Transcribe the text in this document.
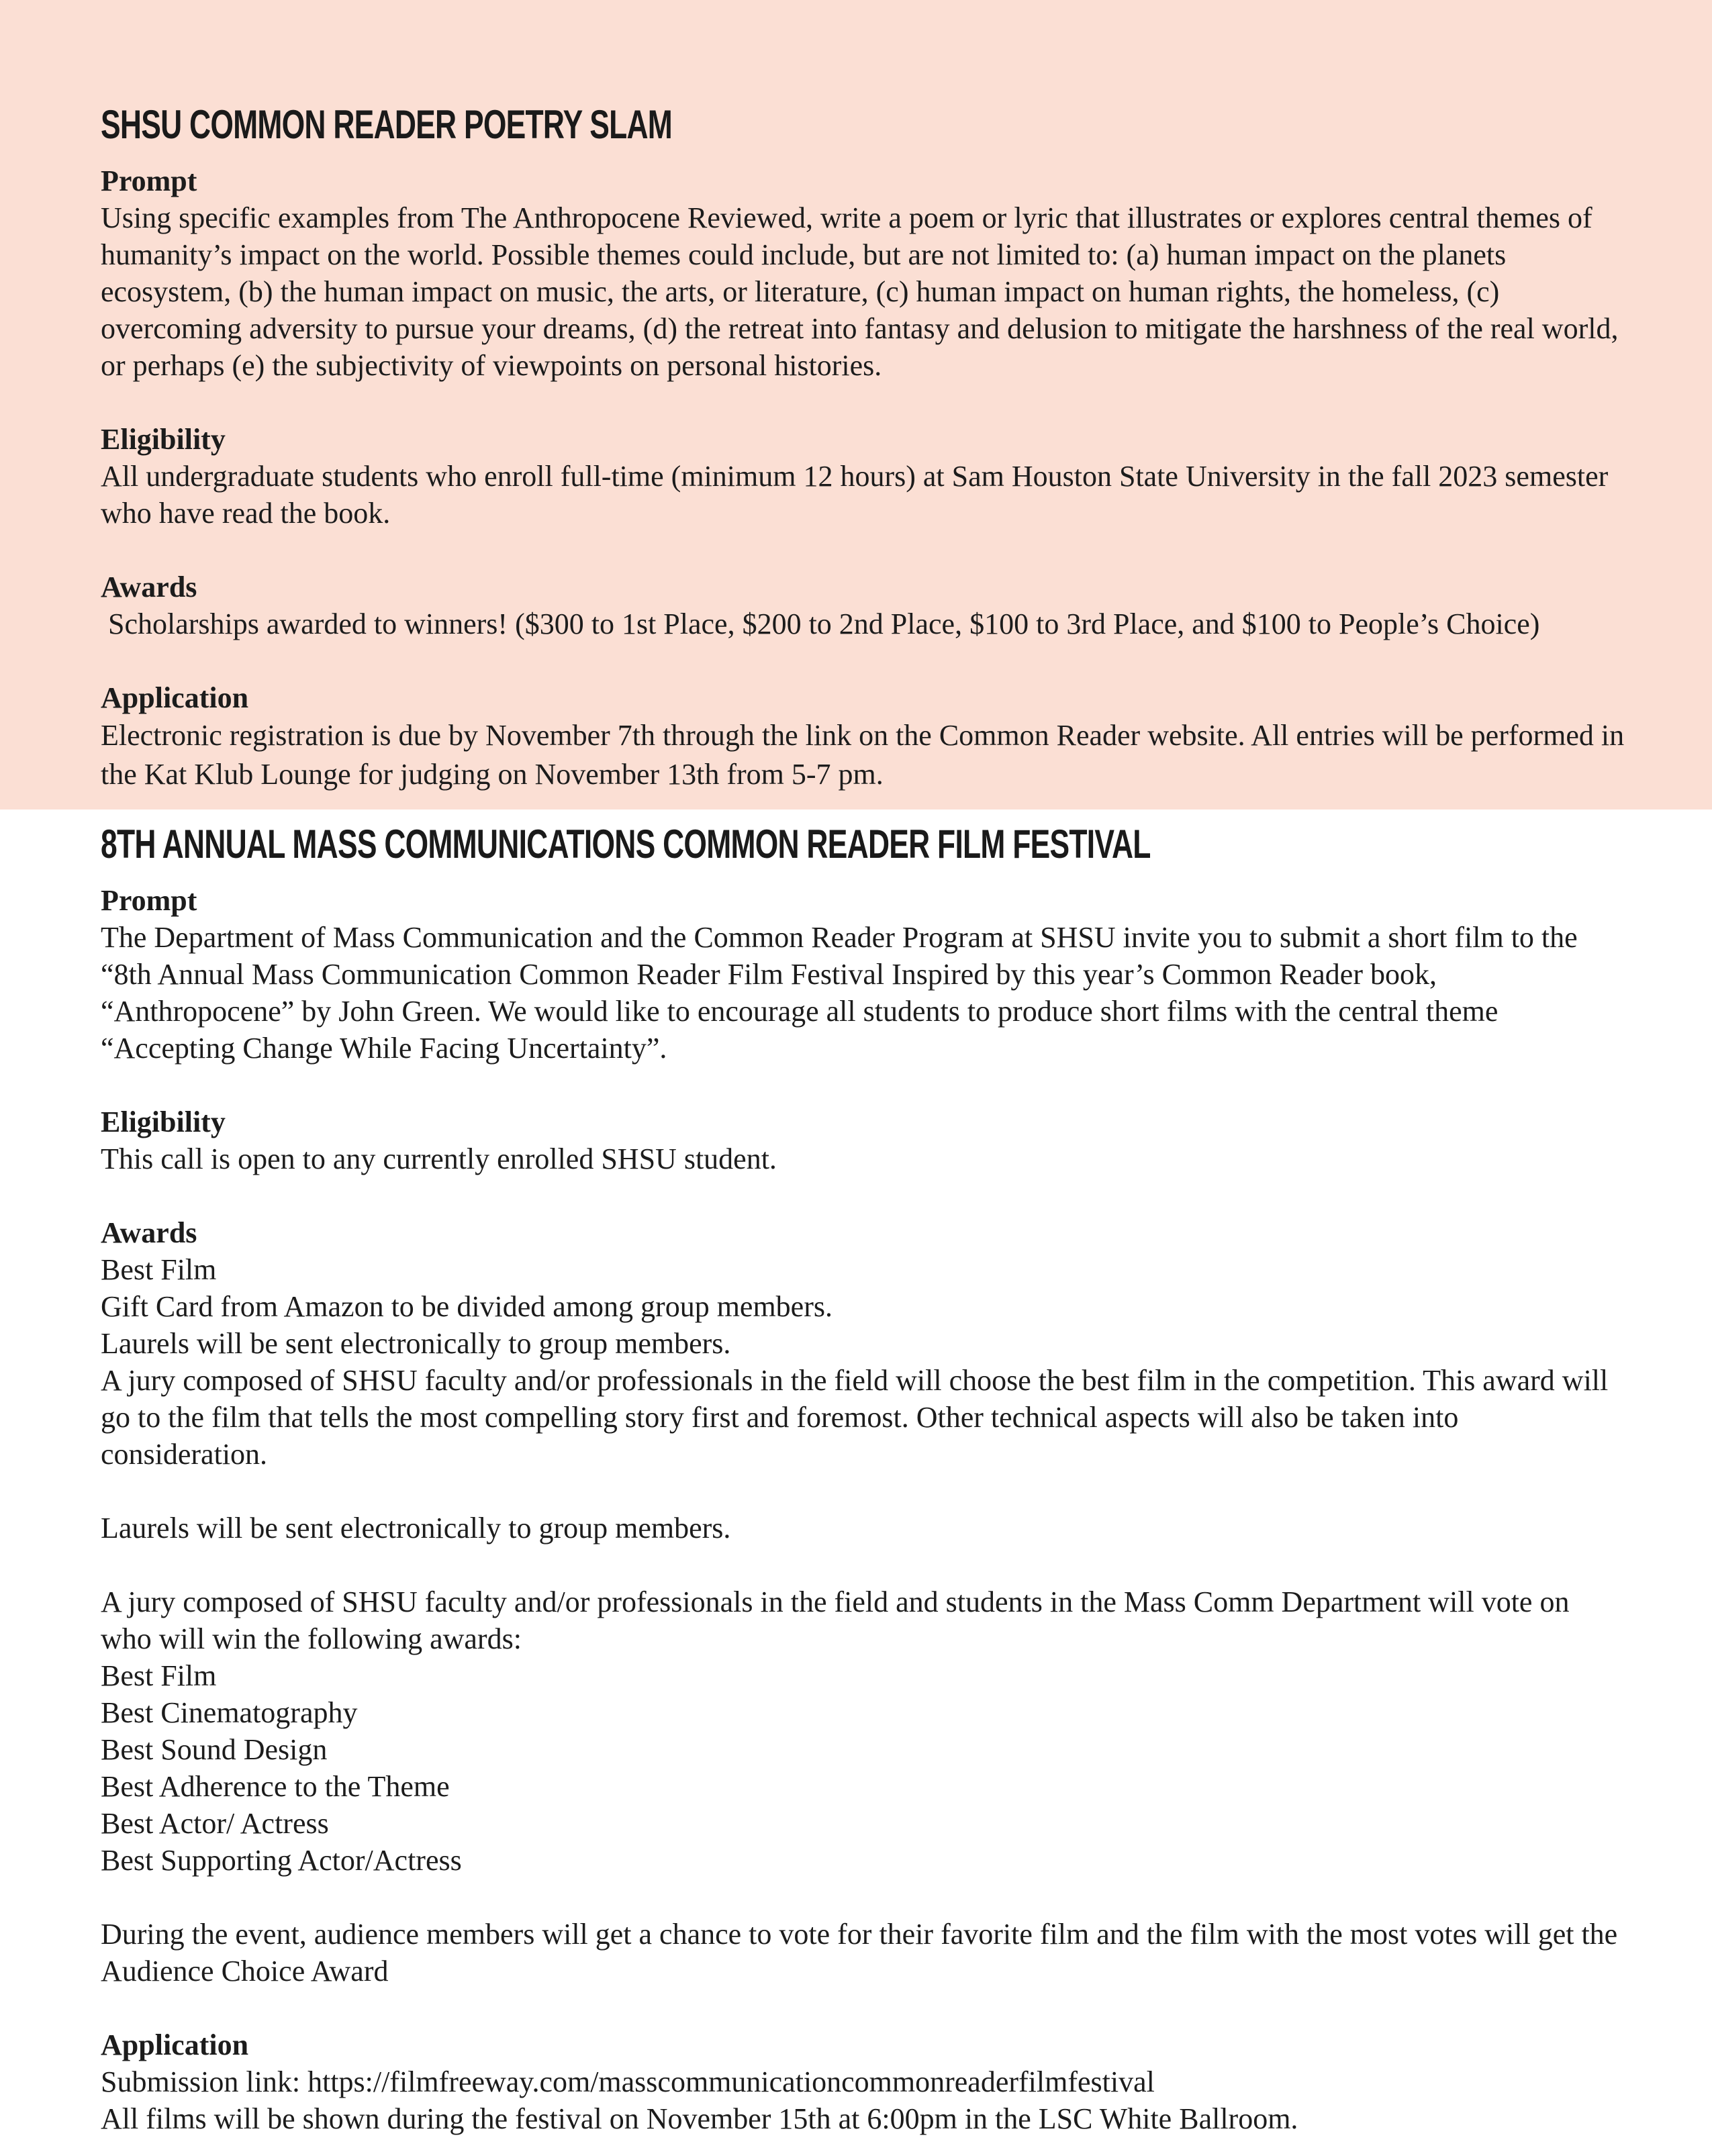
SHSU COMMON READER POETRY SLAM

Prompt

Using specific examples from The Anthropocene Reviewed, write a poem or lyric that illustrates or explores central themes of humanity’s impact on the world. Possible themes could include, but are not limited to: (a) human impact on the planets ecosystem, (b) the human impact on music, the arts, or literature, (c) human impact on human rights, the homeless, (c) overcoming adversity to pursue your dreams, (d) the retreat into fantasy and delusion to mitigate the harshness of the real world, or perhaps (e) the subjectivity of viewpoints on personal histories.

Eligibility

All undergraduate students who enroll full-time (minimum 12 hours) at Sam Houston State University in the fall 2023 semester who have read the book.

Awards

Scholarships awarded to winners! ($300 to 1st Place, $200 to 2nd Place, $100 to 3rd Place, and $100 to People’s Choice)

Application

Electronic registration is due by November 7th through the link on the Common Reader website. All entries will be performed in the Kat Klub Lounge for judging on November 13th from 5-7 pm.

8TH ANNUAL MASS COMMUNICATIONS COMMON READER FILM FESTIVAL

Prompt

The Department of Mass Communication and the Common Reader Program at SHSU invite you to submit a short film to the “8th Annual Mass Communication Common Reader Film Festival Inspired by this year’s Common Reader book, “Anthropocene” by John Green. We would like to encourage all students to produce short films with the central theme “Accepting Change While Facing Uncertainty”.

Eligibility

This call is open to any currently enrolled SHSU student.

Awards

Best Film

Gift Card from Amazon to be divided among group members.

Laurels will be sent electronically to group members.

A jury composed of SHSU faculty and/or professionals in the field will choose the best film in the competition. This award will go to the film that tells the most compelling story first and foremost. Other technical aspects will also be taken into consideration.

Laurels will be sent electronically to group members.

A jury composed of SHSU faculty and/or professionals in the field and students in the Mass Comm Department will vote on who will win the following awards:

Best Film

Best Cinematography

Best Sound Design

Best Adherence to the Theme

Best Actor/ Actress

Best Supporting Actor/Actress

During the event, audience members will get a chance to vote for their favorite film and the film with the most votes will get the Audience Choice Award

Application

Submission link: https://filmfreeway.com/masscommunicationcommonreaderfilmfestival

All films will be shown during the festival on November 15th at 6:00pm in the LSC White Ballroom.
